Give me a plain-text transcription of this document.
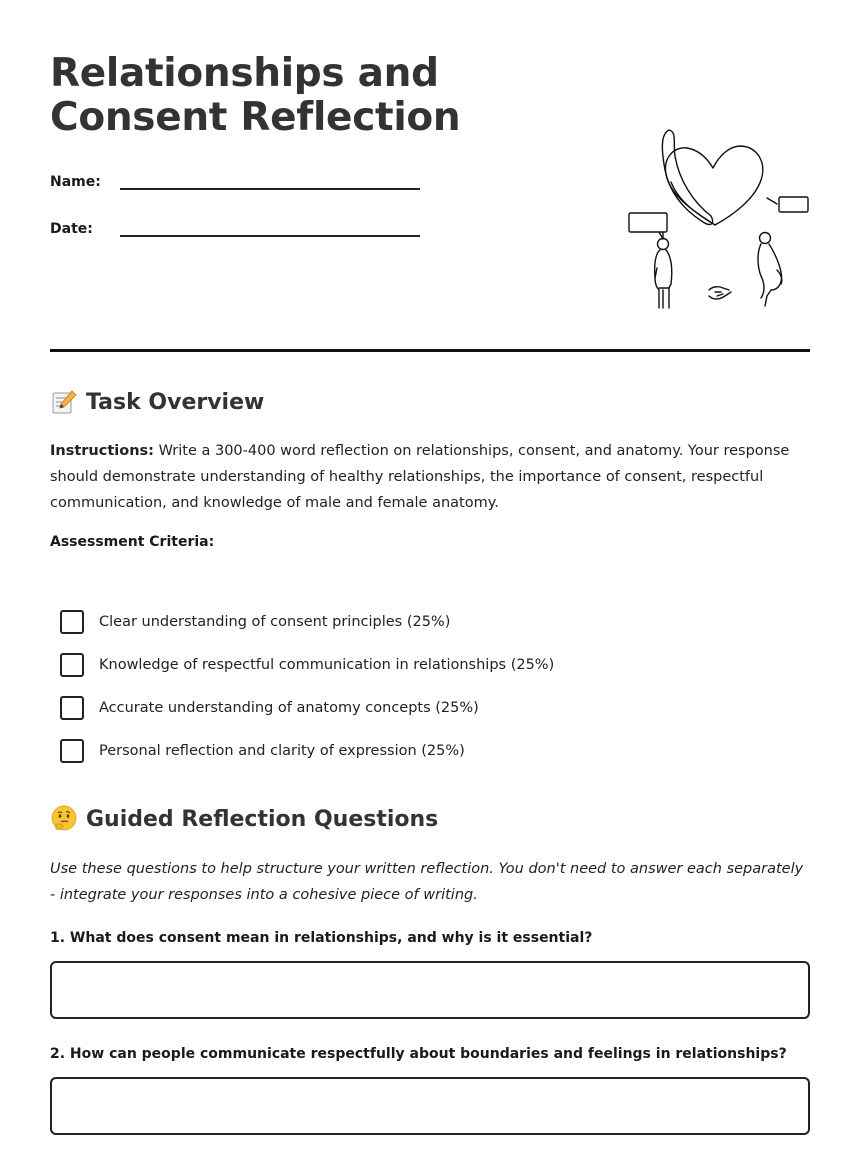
Relationships and Consent Reflection
Name:
Date:
Task Overview

Instructions: Write a 300-400 word reflection on relationships, consent, and anatomy. Your response should demonstrate understanding of healthy relationships, the importance of consent, respectful communication, and knowledge of male and female anatomy.

Assessment Criteria:
Clear understanding of consent principles (25%)
Knowledge of respectful communication in relationships (25%)
Accurate understanding of anatomy concepts (25%)
Personal reflection and clarity of expression (25%)
Guided Reflection Questions

Use these questions to help structure your written reflection. You don't need to answer each separately - integrate your responses into a cohesive piece of writing.

1. What does consent mean in relationships, and why is it essential?
2. How can people communicate respectfully about boundaries and feelings in relationships?
